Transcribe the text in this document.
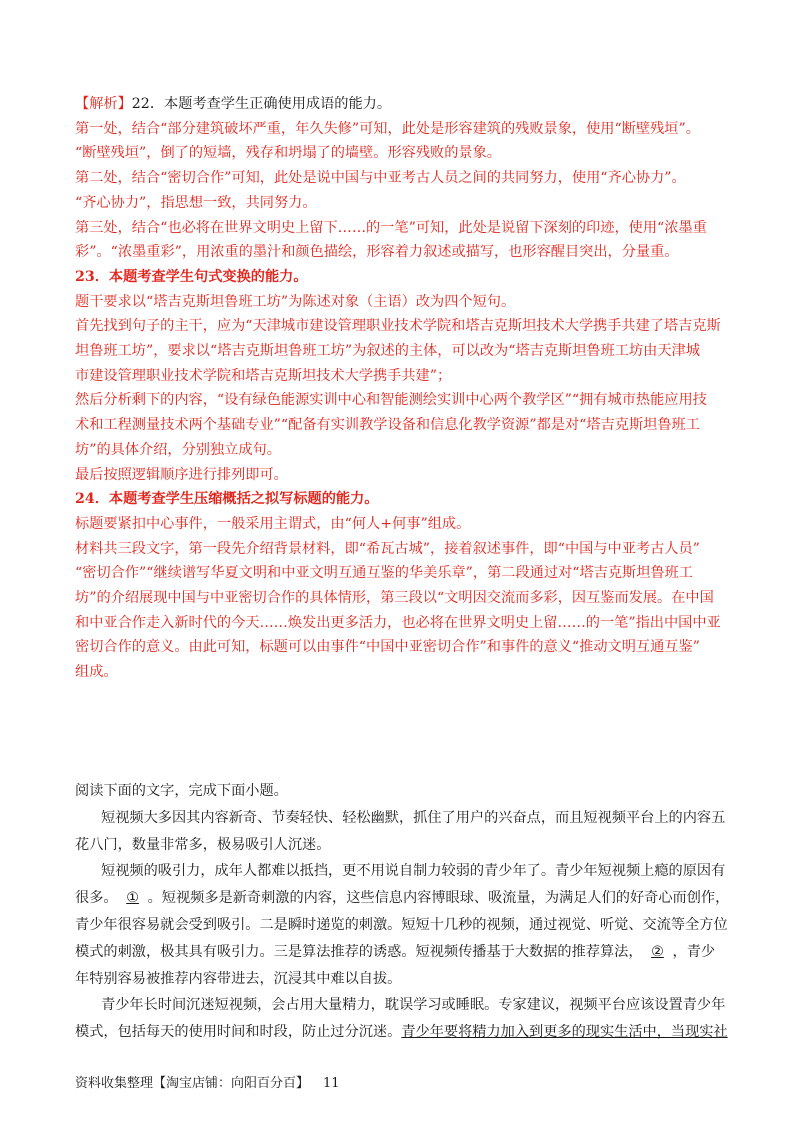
【解析】22．本题考查学生正确使用成语的能力。

第一处，结合“部分建筑破坏严重，年久失修”可知，此处是形容建筑的残败景象，使用“断壁残垣”。

“断壁残垣”，倒了的短墙，残存和坍塌了的墙壁。形容残败的景象。

第二处，结合“密切合作”可知，此处是说中国与中亚考古人员之间的共同努力，使用“齐心协力”。

“齐心协力”，指思想一致，共同努力。

第三处，结合“也必将在世界文明史上留下……的一笔”可知，此处是说留下深刻的印迹，使用“浓墨重

彩”。“浓墨重彩”，用浓重的墨汁和颜色描绘，形容着力叙述或描写，也形容醒目突出，分量重。

23．本题考查学生句式变换的能力。

题干要求以“塔吉克斯坦鲁班工坊”为陈述对象（主语）改为四个短句。

首先找到句子的主干，应为“天津城市建设管理职业技术学院和塔吉克斯坦技术大学携手共建了塔吉克斯

坦鲁班工坊”，要求以“塔吉克斯坦鲁班工坊”为叙述的主体，可以改为“塔吉克斯坦鲁班工坊由天津城

市建设管理职业技术学院和塔吉克斯坦技术大学携手共建”；

然后分析剩下的内容，“设有绿色能源实训中心和智能测绘实训中心两个教学区”“拥有城市热能应用技

术和工程测量技术两个基础专业”“配备有实训教学设备和信息化教学资源”都是对“塔吉克斯坦鲁班工

坊”的具体介绍，分别独立成句。

最后按照逻辑顺序进行排列即可。

24．本题考查学生压缩概括之拟写标题的能力。

标题要紧扣中心事件，一般采用主谓式，由“何人+何事”组成。

材料共三段文字，第一段先介绍背景材料，即“希瓦古城”，接着叙述事件，即“中国与中亚考古人员”

“密切合作”“继续谱写华夏文明和中亚文明互通互鉴的华美乐章”，第二段通过对“塔吉克斯坦鲁班工

坊”的介绍展现中国与中亚密切合作的具体情形，第三段以“文明因交流而多彩，因互鉴而发展。在中国

和中亚合作走入新时代的今天……焕发出更多活力，也必将在世界文明史上留……的一笔”指出中国中亚

密切合作的意义。由此可知，标题可以由事件“中国中亚密切合作”和事件的意义“推动文明互通互鉴”

组成。

阅读下面的文字，完成下面小题。

短视频大多因其内容新奇、节奏轻快、轻松幽默，抓住了用户的兴奋点，而且短视频平台上的内容五

花八门，数量非常多，极易吸引人沉迷。

短视频的吸引力，成年人都难以抵挡，更不用说自制力较弱的青少年了。青少年短视频上瘾的原因有

很多。 ① 。短视频多是新奇刺激的内容，这些信息内容博眼球、吸流量，为满足人们的好奇心而创作，

青少年很容易就会受到吸引。二是瞬时递览的刺激。短短十几秒的视频，通过视觉、听觉、交流等全方位

模式的刺激，极其具有吸引力。三是算法推荐的诱惑。短视频传播基于大数据的推荐算法， ② ，青少

年特别容易被推荐内容带进去，沉浸其中难以自拔。

青少年长时间沉迷短视频，会占用大量精力，耽误学习或睡眠。专家建议，视频平台应该设置青少年

模式，包括每天的使用时间和时段，防止过分沉迷。青少年要将精力加入到更多的现实生活中，当现实社

资料收集整理【淘宝店铺：向阳百分百】 11
